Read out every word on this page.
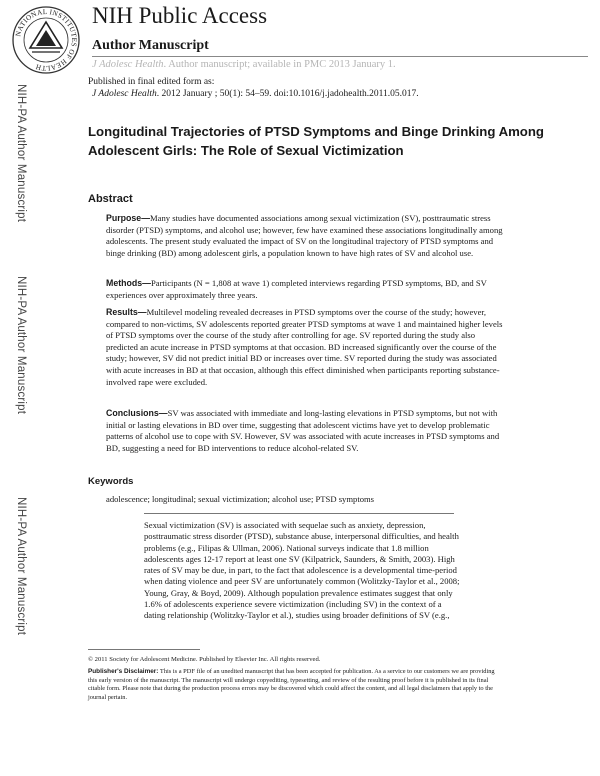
NATIONAL INSTITUTES OF HEALTH
NIH Public Access
Author Manuscript
J Adolesc Health. Author manuscript; available in PMC 2013 January 1.
Published in final edited form as:
J Adolesc Health. 2012 January ; 50(1): 54–59. doi:10.1016/j.jadohealth.2011.05.017.
NIH-PA Author Manuscript
NIH-PA Author Manuscript
NIH-PA Author Manuscript
Longitudinal Trajectories of PTSD Symptoms and Binge Drinking Among Adolescent Girls: The Role of Sexual Victimization
Abstract
Purpose—Many studies have documented associations among sexual victimization (SV), posttraumatic stress disorder (PTSD) symptoms, and alcohol use; however, few have examined these associations longitudinally among adolescents. The present study evaluated the impact of SV on the longitudinal trajectory of PTSD symptoms and binge drinking (BD) among adolescent girls, a population known to have high rates of SV and alcohol use.
Methods—Participants (N = 1,808 at wave 1) completed interviews regarding PTSD symptoms, BD, and SV experiences over approximately three years.
Results—Multilevel modeling revealed decreases in PTSD symptoms over the course of the study; however, compared to non-victims, SV adolescents reported greater PTSD symptoms at wave 1 and maintained higher levels of PTSD symptoms over the course of the study after controlling for age. SV reported during the study also predicted an acute increase in PTSD symptoms at that occasion. BD increased significantly over the course of the study; however, SV did not predict initial BD or increases over time. SV reported during the study was associated with acute increases in BD at that occasion, although this effect diminished when participants reporting substance-involved rape were excluded.
Conclusions—SV was associated with immediate and long-lasting elevations in PTSD symptoms, but not with initial or lasting elevations in BD over time, suggesting that adolescent victims have yet to develop problematic patterns of alcohol use to cope with SV. However, SV was associated with acute increases in PTSD symptoms and BD, suggesting a need for BD interventions to reduce alcohol-related SV.
Keywords
adolescence; longitudinal; sexual victimization; alcohol use; PTSD symptoms
Sexual victimization (SV) is associated with sequelae such as anxiety, depression, posttraumatic stress disorder (PTSD), substance abuse, interpersonal difficulties, and health problems (e.g., Filipas & Ullman, 2006). National surveys indicate that 1.8 million adolescents ages 12-17 report at least one SV (Kilpatrick, Saunders, & Smith, 2003). High rates of SV may be due, in part, to the fact that adolescence is a developmental time-period when dating violence and peer SV are unfortunately common (Wolitzky-Taylor et al., 2008; Young, Gray, & Boyd, 2009). Although population prevalence estimates suggest that only 1.6% of adolescents experience severe victimization (including SV) in the context of a dating relationship (Wolitzky-Taylor et al.), studies using broader definitions of SV (e.g.,
© 2011 Society for Adolescent Medicine. Published by Elsevier Inc. All rights reserved.
Publisher's Disclaimer: This is a PDF file of an unedited manuscript that has been accepted for publication. As a service to our customers we are providing this early version of the manuscript. The manuscript will undergo copyediting, typesetting, and review of the resulting proof before it is published in its final citable form. Please note that during the production process errors may be discovered which could affect the content, and all legal disclaimers that apply to the journal pertain.
